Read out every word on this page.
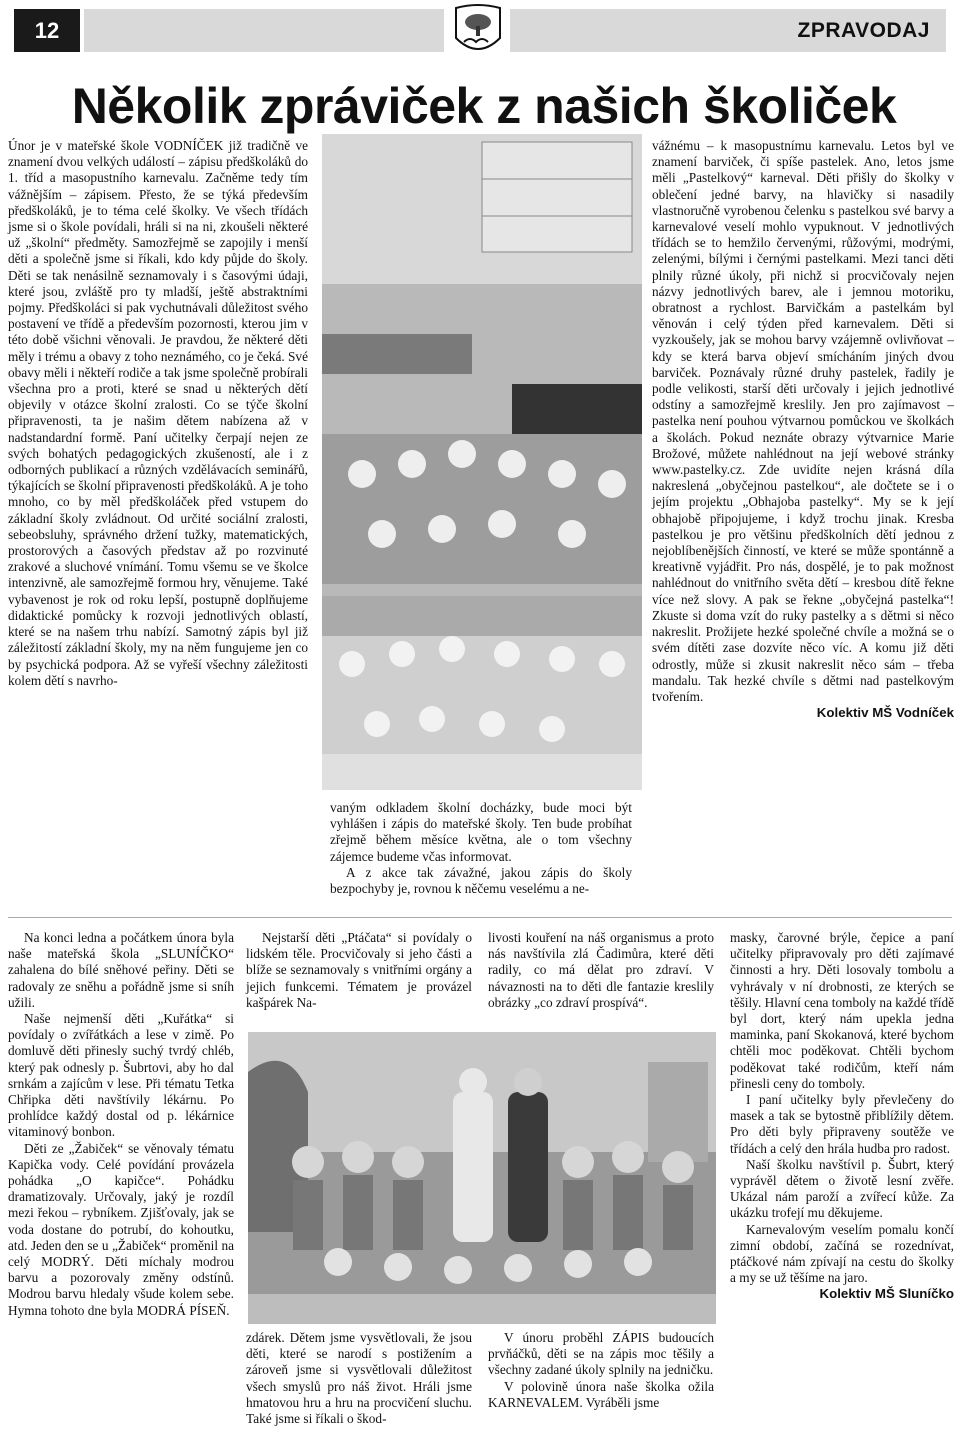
12	ZPRAVODAJ
Několik zpráviček z našich školiček

Únor je v mateřské škole VODNÍČEK již tradičně ve znamení dvou velkých událostí – zápisu předškoláků do 1. tříd a masopustního karnevalu. Začněme tedy tím vážnějším – zápisem. Přesto, že se týká především předškoláků, je to téma celé školky. Ve všech třídách jsme si o škole povídali, hráli si na ni, zkoušeli některé už „školní“ předměty. Samozřejmě se zapojily i menší děti a společně jsme si říkali, kdo kdy půjde do školy. Děti se tak nenásilně seznamovaly i s časovými údaji, které jsou, zvláště pro ty mladší, ještě abstraktními pojmy. Předškoláci si pak vychutnávali důležitost svého postavení ve třídě a především pozornosti, kterou jim v této době všichni věnovali. Je pravdou, že některé děti měly i trému a obavy z toho neznámého, co je čeká. Své obavy měli i někteří rodiče a tak jsme společně probírali všechna pro a proti, které se snad u některých dětí objevily v otázce školní zralosti. Co se týče školní připravenosti, ta je našim dětem nabízena až v nadstandardní formě. Paní učitelky čerpají nejen ze svých bohatých pedagogických zkušeností, ale i z odborných publikací a různých vzdělávacích seminářů, týkajících se školní připravenosti předškoláků. A je toho mnoho, co by měl předškoláček před vstupem do základní školy zvládnout. Od určité sociální zralosti, sebeobsluhy, správného držení tužky, matematických, prostorových a časových představ až po rozvinuté zrakové a sluchové vnímání. Tomu všemu se ve školce intenzivně, ale samozřejmě formou hry, věnujeme. Také vybavenost je rok od roku lepší, postupně doplňujeme didaktické pomůcky k rozvoji jednotlivých oblastí, které se na našem trhu nabízí. Samotný zápis byl již záležitostí základní školy, my na něm fungujeme jen co by psychická podpora. Až se vyřeší všechny záležitosti kolem dětí s navrho-

vaným odkladem školní docházky, bude moci být vyhlášen i zápis do mateřské školy. Ten bude probíhat zřejmě během měsíce května, ale o tom všechny zájemce budeme včas informovat.

A z akce tak závažné, jakou zápis do školy bezpochyby je, rovnou k něčemu veselému a ne-

vážnému – k masopustnímu karnevalu. Letos byl ve znamení barviček, či spíše pastelek. Ano, letos jsme měli „Pastelkový“ karneval. Děti přišly do školky v oblečení jedné barvy, na hlavičky si nasadily vlastnoručně vyrobenou čelenku s pastelkou své barvy a karnevalové veselí mohlo vypuknout. V jednotlivých třídách se to hemžilo červenými, růžovými, modrými, zelenými, bílými i černými pastelkami. Mezi tanci děti plnily různé úkoly, při nichž si procvičovaly nejen názvy jednotlivých barev, ale i jemnou motoriku, obratnost a rychlost. Barvičkám a pastelkám byl věnován i celý týden před karnevalem. Děti si vyzkoušely, jak se mohou barvy vzájemně ovlivňovat – kdy se která barva objeví smícháním jiných dvou barviček. Poznávaly různé druhy pastelek, řadily je podle velikosti, starší děti určovaly i jejich jednotlivé odstíny a samozřejmě kreslily. Jen pro zajímavost – pastelka není pouhou výtvarnou pomůckou ve školkách a školách. Pokud neznáte obrazy výtvarnice Marie Brožové, můžete nahlédnout na její webové stránky www.pastelky.cz. Zde uvidíte nejen krásná díla nakreslená „obyčejnou pastelkou“, ale dočtete se i o jejím projektu „Obhajoba pastelky“. My se k její obhajobě připojujeme, i když trochu jinak. Kresba pastelkou je pro většinu předškolních dětí jednou z nejoblíbenějších činností, ve které se může spontánně a kreativně vyjádřit. Pro nás, dospělé, je to pak možnost nahlédnout do vnitřního světa dětí – kresbou dítě řekne více než slovy. A pak se řekne „obyčejná pastelka“! Zkuste si doma vzít do ruky pastelky a s dětmi si něco nakreslit. Prožijete hezké společné chvíle a možná se o svém dítěti zase dozvíte něco víc. A komu již děti odrostly, může si zkusit nakreslit něco sám – třeba mandalu. Tak hezké chvíle s dětmi nad pastelkovým tvořením.

Kolektiv MŠ Vodníček

Na konci ledna a počátkem února byla naše mateřská škola „SLUNÍČKO“ zahalena do bílé sněhové peřiny. Děti se radovaly ze sněhu a pořádně jsme si sníh užili.

Naše nejmenší děti „Kuřátka“ si povídaly o zvířátkách a lese v zimě. Po domluvě děti přinesly suchý tvrdý chléb, který pak odnesly p. Šubrtovi, aby ho dal srnkám a zajícům v lese. Při tématu Tetka Chřipka děti navštívily lékárnu. Po prohlídce každý dostal od p. lékárnice vitaminový bonbon.

Děti ze „Žabiček“ se věnovaly tématu Kapička vody. Celé povídání provázela pohádka „O kapičce“. Pohádku dramatizovaly. Určovaly, jaký je rozdíl mezi řekou – rybníkem. Zjišťovaly, jak se voda dostane do potrubí, do kohoutku, atd. Jeden den se u „Žabiček“ proměnil na celý MODRÝ. Děti míchaly modrou barvu a pozorovaly změny odstínů. Modrou barvu hledaly všude kolem sebe. Hymna tohoto dne byla MODRÁ PÍSEŇ.

Nejstarší děti „Ptáčata“ si povídaly o lidském těle. Procvičovaly si jeho části a blíže se seznamovaly s vnitřními orgány a jejich funkcemi. Tématem je provázel kašpárek Na-

livosti kouření na náš organismus a proto nás navštívila zlá Čadimůra, které děti radily, co má dělat pro zdraví. V návaznosti na to děti dle fantazie kreslily obrázky „co zdraví prospívá“.

zdárek. Dětem jsme vysvětlovali, že jsou děti, které se narodí s postižením a zároveň jsme si vysvětlovali důležitost všech smyslů pro náš život. Hráli jsme hmatovou hru a hru na procvičení sluchu. Také jsme si říkali o škod-

V únoru proběhl ZÁPIS budoucích prvňáčků, děti se na zápis moc těšily a všechny zadané úkoly splnily na jedničku.

V polovině února naše školka ožila KARNEVALEM. Vyráběli jsme

masky, čarovné brýle, čepice a paní učitelky připravovaly pro děti zajímavé činnosti a hry. Děti losovaly tombolu a vyhrávaly v ní drobnosti, ze kterých se těšily. Hlavní cena tomboly na každé třídě byl dort, který nám upekla jedna maminka, paní Skokanová, které bychom chtěli moc poděkovat. Chtěli bychom poděkovat také rodičům, kteří nám přinesli ceny do tomboly.

I paní učitelky byly převlečeny do masek a tak se bytostně přiblížily dětem. Pro děti byly připraveny soutěže ve třídách a celý den hrála hudba pro radost.

Naší školku navštívil p. Šubrt, který vyprávěl dětem o životě lesní zvěře. Ukázal nám paroží a zvířecí kůže. Za ukázku trofejí mu děkujeme.

Karnevalovým veselím pomalu končí zimní období, začíná se rozednívat, ptáčkové nám zpívají na cestu do školky a my se už těšíme na jaro.

Kolektiv MŠ Sluníčko
